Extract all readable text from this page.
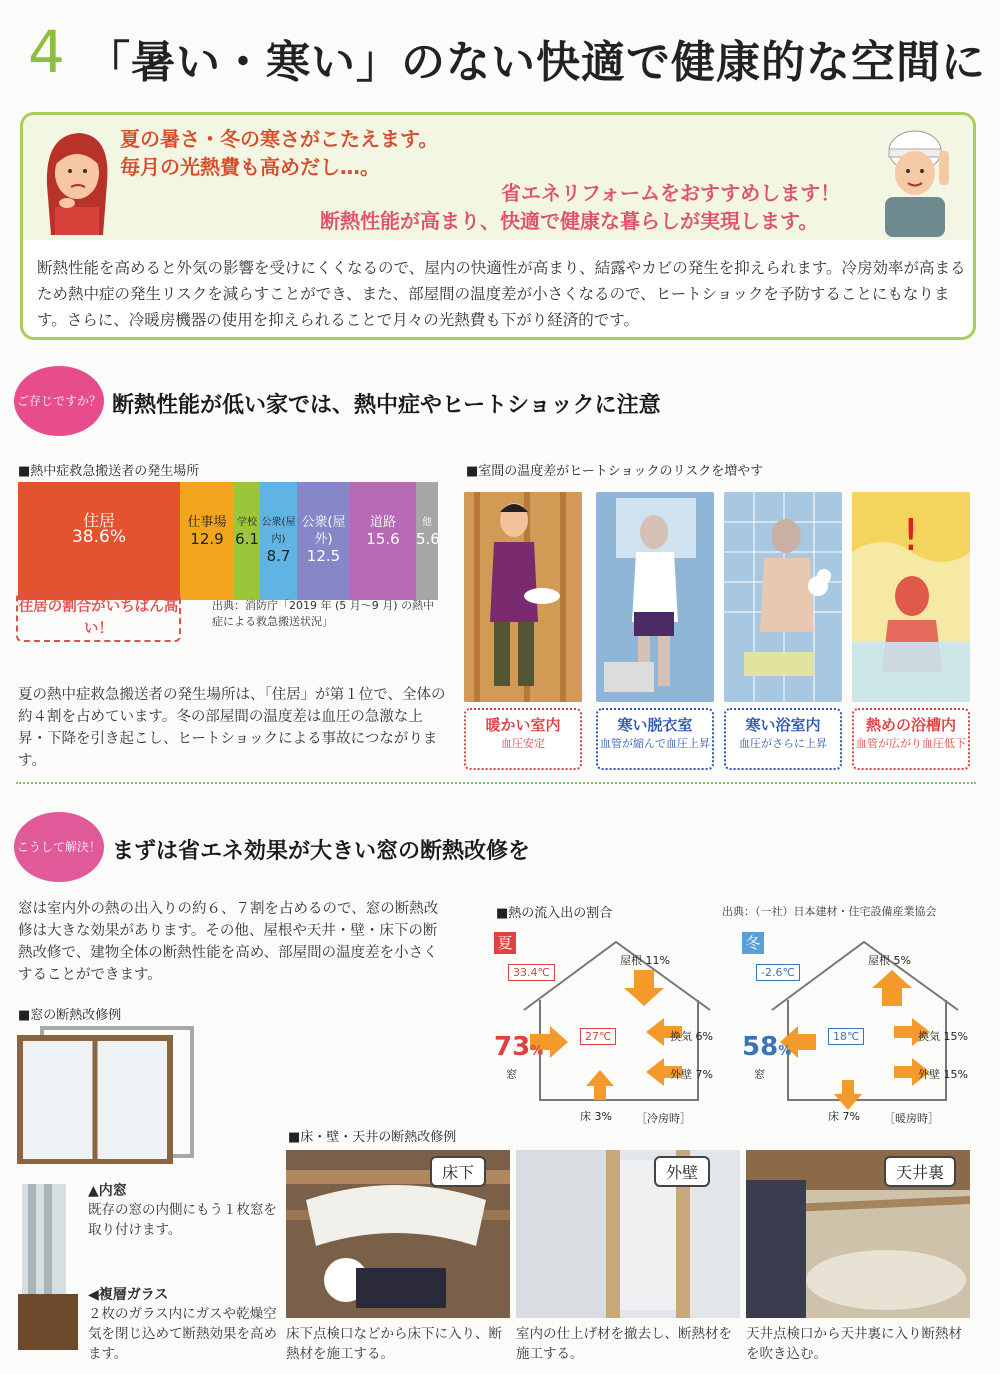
4 「暑い・寒い」のない快適で健康的な空間に
夏の暑さ・冬の寒さがこたえます。
毎月の光熱費も高めだし…。
省エネリフォームをおすすめします！
断熱性能が高まり、快適で健康な暮らしが実現します。
断熱性能を高めると外気の影響を受けにくくなるので、屋内の快適性が高まり、結露やカビの発生を抑えられます。冷房効率が高まるため熱中症の発生リスクを減らすことができ、また、部屋間の温度差が小さくなるので、ヒートショックを予防することにもなります。さらに、冷暖房機器の使用を抑えられることで月々の光熱費も下がり経済的です。
ご存じですか？ 断熱性能が低い家では、熱中症やヒートショックに注意
■熱中症救急搬送者の発生場所
住居
38.6%
仕事場
12.9
学校
6.1
公衆(屋内)
8.7
公衆(屋外)
12.5
道路
15.6
他
5.6
住居の割合がいちばん高い！
出典：消防庁「2019 年 (5 月〜9 月) の熱中症による救急搬送状況」
夏の熱中症救急搬送者の発生場所は、「住居」が第１位で、全体の約４割を占めています。冬の部屋間の温度差は血圧の急激な上昇・下降を引き起こし、ヒートショックによる事故につながります。
■室間の温度差がヒートショックのリスクを増やす
!
暖かい室内
血圧安定
寒い脱衣室
血管が縮んで血圧上昇
寒い浴室内
血圧がさらに上昇
熱めの浴槽内
血管が広がり血圧低下
こうして解決！ まずは省エネ効果が大きい窓の断熱改修を
窓は室内外の熱の出入りの約６、７割を占めるので、窓の断熱改修は大きな効果があります。その他、屋根や天井・壁・床下の断熱改修で、建物全体の断熱性能を高め、部屋間の温度差を小さくすることができます。
■熱の流入出の割合	出典：（一社）日本建材・住宅設備産業協会
夏
33.4℃
27℃
屋根 11%
換気 6%
外壁 7%
床 3% ［冷房時］
73%
窓
冬
-2.6℃
18℃
屋根 5%
換気 15%
外壁 15%
床 7% ［暖房時］
58%
窓
■窓の断熱改修例
▲内窓
既存の窓の内側にもう１枚窓を取り付けます。
◀複層ガラス
２枚のガラス内にガスや乾燥空気を閉じ込めて断熱効果を高めます。
■床・壁・天井の断熱改修例
床下	外壁	天井裏
床下点検口などから床下に入り、断熱材を施工する。
室内の仕上げ材を撤去し、断熱材を施工する。
天井点検口から天井裏に入り断熱材を吹き込む。
